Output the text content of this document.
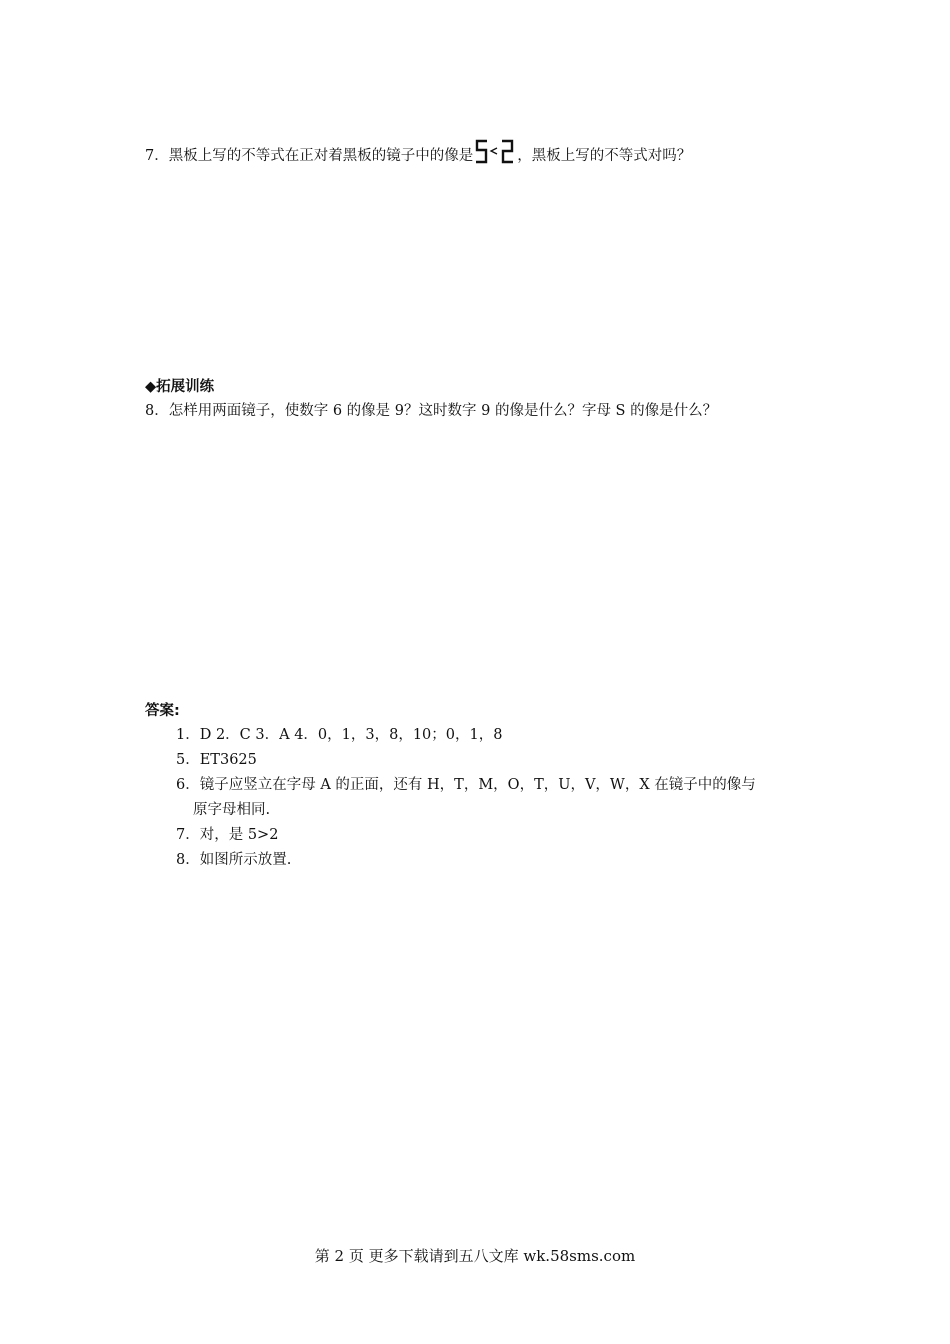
7．黑板上写的不等式在正对着黑板的镜子中的像是	，黑板上写的不等式对吗？
◆拓展训练
8．怎样用两面镜子，使数字 6 的像是 9？这时数字 9 的像是什么？字母 S 的像是什么？
答案:
1．D 2．C 3．A 4．0，1，3，8，10；0，1，8
5．ET3625
6．镜子应竖立在字母 A 的正面，还有 H，T，M，O，T，U，V，W，X 在镜子中的像与
原字母相同.
7．对，是 5>2
8．如图所示放置.
第 2 页 更多下载请到五八文库 wk.58sms.com
